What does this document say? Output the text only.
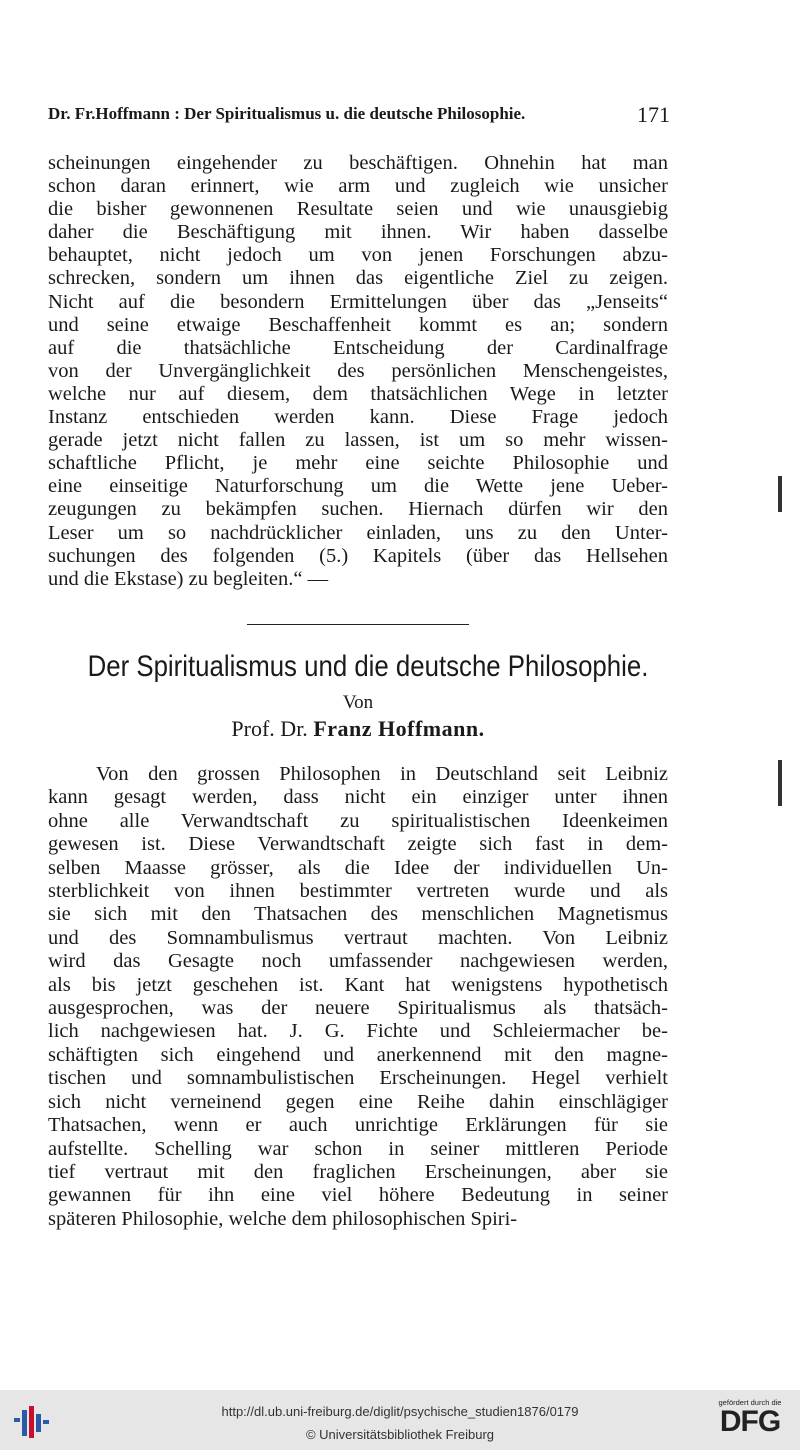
Dr. Fr.Hoffmann : Der Spiritualismus u. die deutsche Philosophie.	171
scheinungen eingehender zu beschäftigen. Ohnehin hat man
schon daran erinnert, wie arm und zugleich wie unsicher
die bisher gewonnenen Resultate seien und wie unausgiebig
daher die Beschäftigung mit ihnen. Wir haben dasselbe
behauptet, nicht jedoch um von jenen Forschungen abzu-
schrecken, sondern um ihnen das eigentliche Ziel zu zeigen.
Nicht auf die besondern Ermittelungen über das „Jenseits“
und seine etwaige Beschaffenheit kommt es an; sondern
auf die thatsächliche Entscheidung der Cardinalfrage
von der Unvergänglichkeit des persönlichen Menschengeistes,
welche nur auf diesem, dem thatsächlichen Wege in letzter
Instanz entschieden werden kann. Diese Frage jedoch
gerade jetzt nicht fallen zu lassen, ist um so mehr wissen-
schaftliche Pflicht, je mehr eine seichte Philosophie und
eine einseitige Naturforschung um die Wette jene Ueber-
zeugungen zu bekämpfen suchen. Hiernach dürfen wir den
Leser um so nachdrücklicher einladen, uns zu den Unter-
suchungen des folgenden (5.) Kapitels (über das Hellsehen
und die Ekstase) zu begleiten.“ —
Der Spiritualismus und die deutsche Philosophie.
Von
Prof. Dr. Franz Hoffmann.
Von den grossen Philosophen in Deutschland seit Leibniz
kann gesagt werden, dass nicht ein einziger unter ihnen
ohne alle Verwandtschaft zu spiritualistischen Ideenkeimen
gewesen ist. Diese Verwandtschaft zeigte sich fast in dem-
selben Maasse grösser, als die Idee der individuellen Un-
sterblichkeit von ihnen bestimmter vertreten wurde und als
sie sich mit den Thatsachen des menschlichen Magnetismus
und des Somnambulismus vertraut machten. Von Leibniz
wird das Gesagte noch umfassender nachgewiesen werden,
als bis jetzt geschehen ist. Kant hat wenigstens hypothetisch
ausgesprochen, was der neuere Spiritualismus als thatsäch-
lich nachgewiesen hat. J. G. Fichte und Schleiermacher be-
schäftigten sich eingehend und anerkennend mit den magne-
tischen und somnambulistischen Erscheinungen. Hegel verhielt
sich nicht verneinend gegen eine Reihe dahin einschlägiger
Thatsachen, wenn er auch unrichtige Erklärungen für sie
aufstellte. Schelling war schon in seiner mittleren Periode
tief vertraut mit den fraglichen Erscheinungen, aber sie
gewannen für ihn eine viel höhere Bedeutung in seiner
späteren Philosophie, welche dem philosophischen Spiri-
http://dl.ub.uni-freiburg.de/diglit/psychische_studien1876/0179
© Universitätsbibliothek Freiburg
gefördert durch die
DFG
